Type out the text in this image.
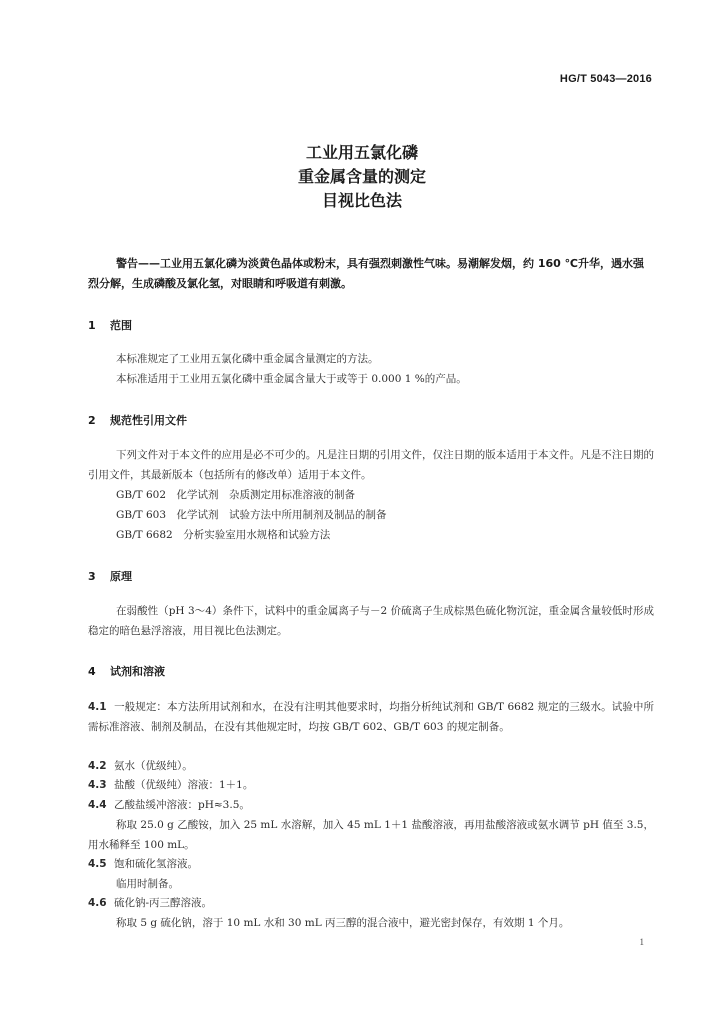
HG/T 5043—2016
工业用五氯化磷
重金属含量的测定
目视比色法
警告——工业用五氯化磷为淡黄色晶体或粉末，具有强烈刺激性气味。易潮解发烟，约 160 ℃升华，遇水强烈分解，生成磷酸及氯化氢，对眼睛和呼吸道有刺激。
1 范围
本标准规定了工业用五氯化磷中重金属含量测定的方法。
本标准适用于工业用五氯化磷中重金属含量大于或等于 0.000 1 %的产品。
2 规范性引用文件
下列文件对于本文件的应用是必不可少的。凡是注日期的引用文件，仅注日期的版本适用于本文件。凡是不注日期的引用文件，其最新版本（包括所有的修改单）适用于本文件。
GB/T 602　化学试剂　杂质测定用标准溶液的制备
GB/T 603　化学试剂　试验方法中所用制剂及制品的制备
GB/T 6682　分析实验室用水规格和试验方法
3 原理
在弱酸性（pH 3～4）条件下，试料中的重金属离子与－2 价硫离子生成棕黑色硫化物沉淀，重金属含量较低时形成稳定的暗色悬浮溶液，用目视比色法测定。
4 试剂和溶液
4.1 一般规定：本方法所用试剂和水，在没有注明其他要求时，均指分析纯试剂和 GB/T 6682 规定的三级水。试验中所需标准溶液、制剂及制品，在没有其他规定时，均按 GB/T 602、GB/T 603 的规定制备。
4.2 氨水（优级纯）。
4.3 盐酸（优级纯）溶液：1＋1。
4.4 乙酸盐缓冲溶液：pH≈3.5。
称取 25.0 g 乙酸铵，加入 25 mL 水溶解，加入 45 mL 1＋1 盐酸溶液，再用盐酸溶液或氨水调节 pH 值至 3.5，用水稀释至 100 mL。
4.5 饱和硫化氢溶液。
临用时制备。
4.6 硫化钠-丙三醇溶液。
称取 5 g 硫化钠，溶于 10 mL 水和 30 mL 丙三醇的混合液中，避光密封保存，有效期 1 个月。
1
